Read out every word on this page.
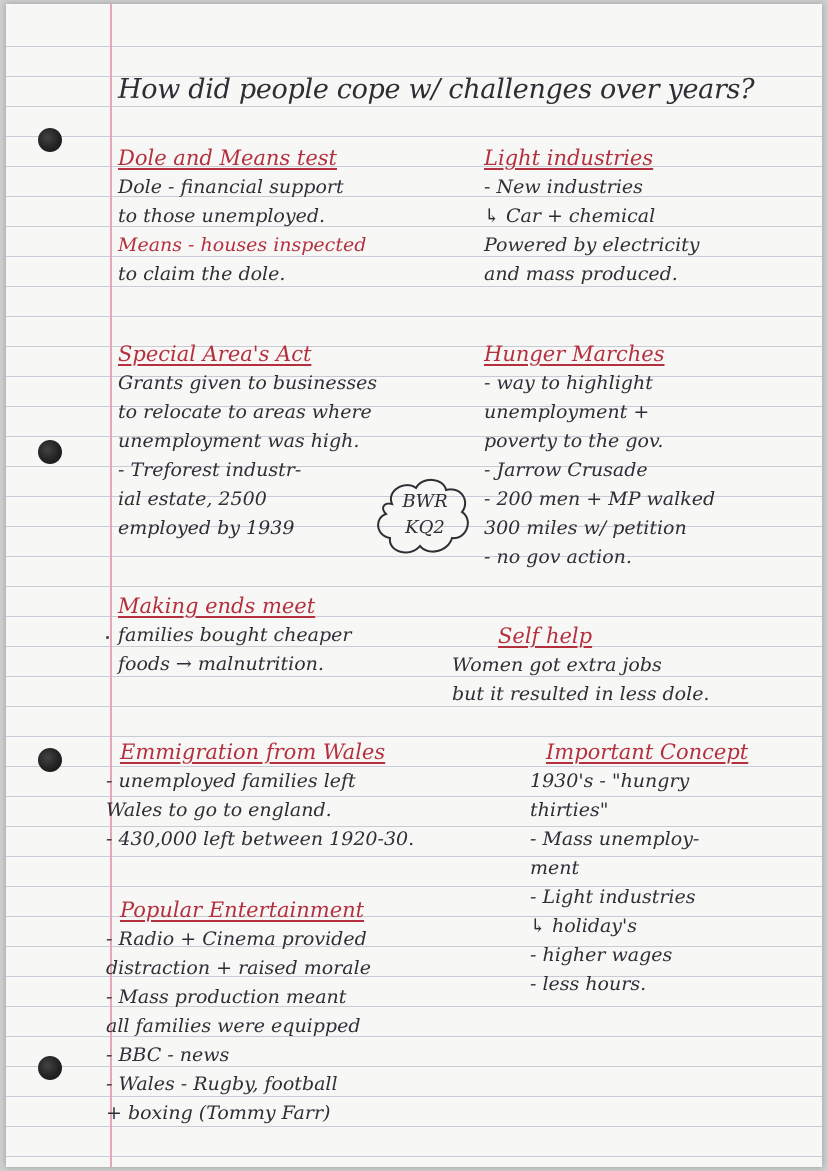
How did people cope w/ challenges over years?
Dole and Means test
Dole - financial support
to those unemployed.
Means - houses inspected
to claim the dole.
Light industries
- New industries
↳ Car + chemical
Powered by electricity
and mass produced.
Special Area's Act
Grants given to businesses
to relocate to areas where
unemployment was high.
- Treforest industr-
ial estate, 2500
employed by 1939
BWR
KQ2
Hunger Marches
- way to highlight
unemployment +
poverty to the gov.
- Jarrow Crusade
- 200 men + MP walked
300 miles w/ petition
- no gov action.
Making ends meet
families bought cheaper
foods → malnutrition.
Self help
Women got extra jobs
but it resulted in less dole.
Emmigration from Wales
- unemployed families left
Wales to go to england.
- 430,000 left between 1920-30.
Important Concept
1930's - "hungry
thirties"
- Mass unemploy-
ment
- Light industries
↳ holiday's
- higher wages
- less hours.
Popular Entertainment
- Radio + Cinema provided
distraction + raised morale
- Mass production meant
all families were equipped
- BBC - news
- Wales - Rugby, football
+ boxing (Tommy Farr)
